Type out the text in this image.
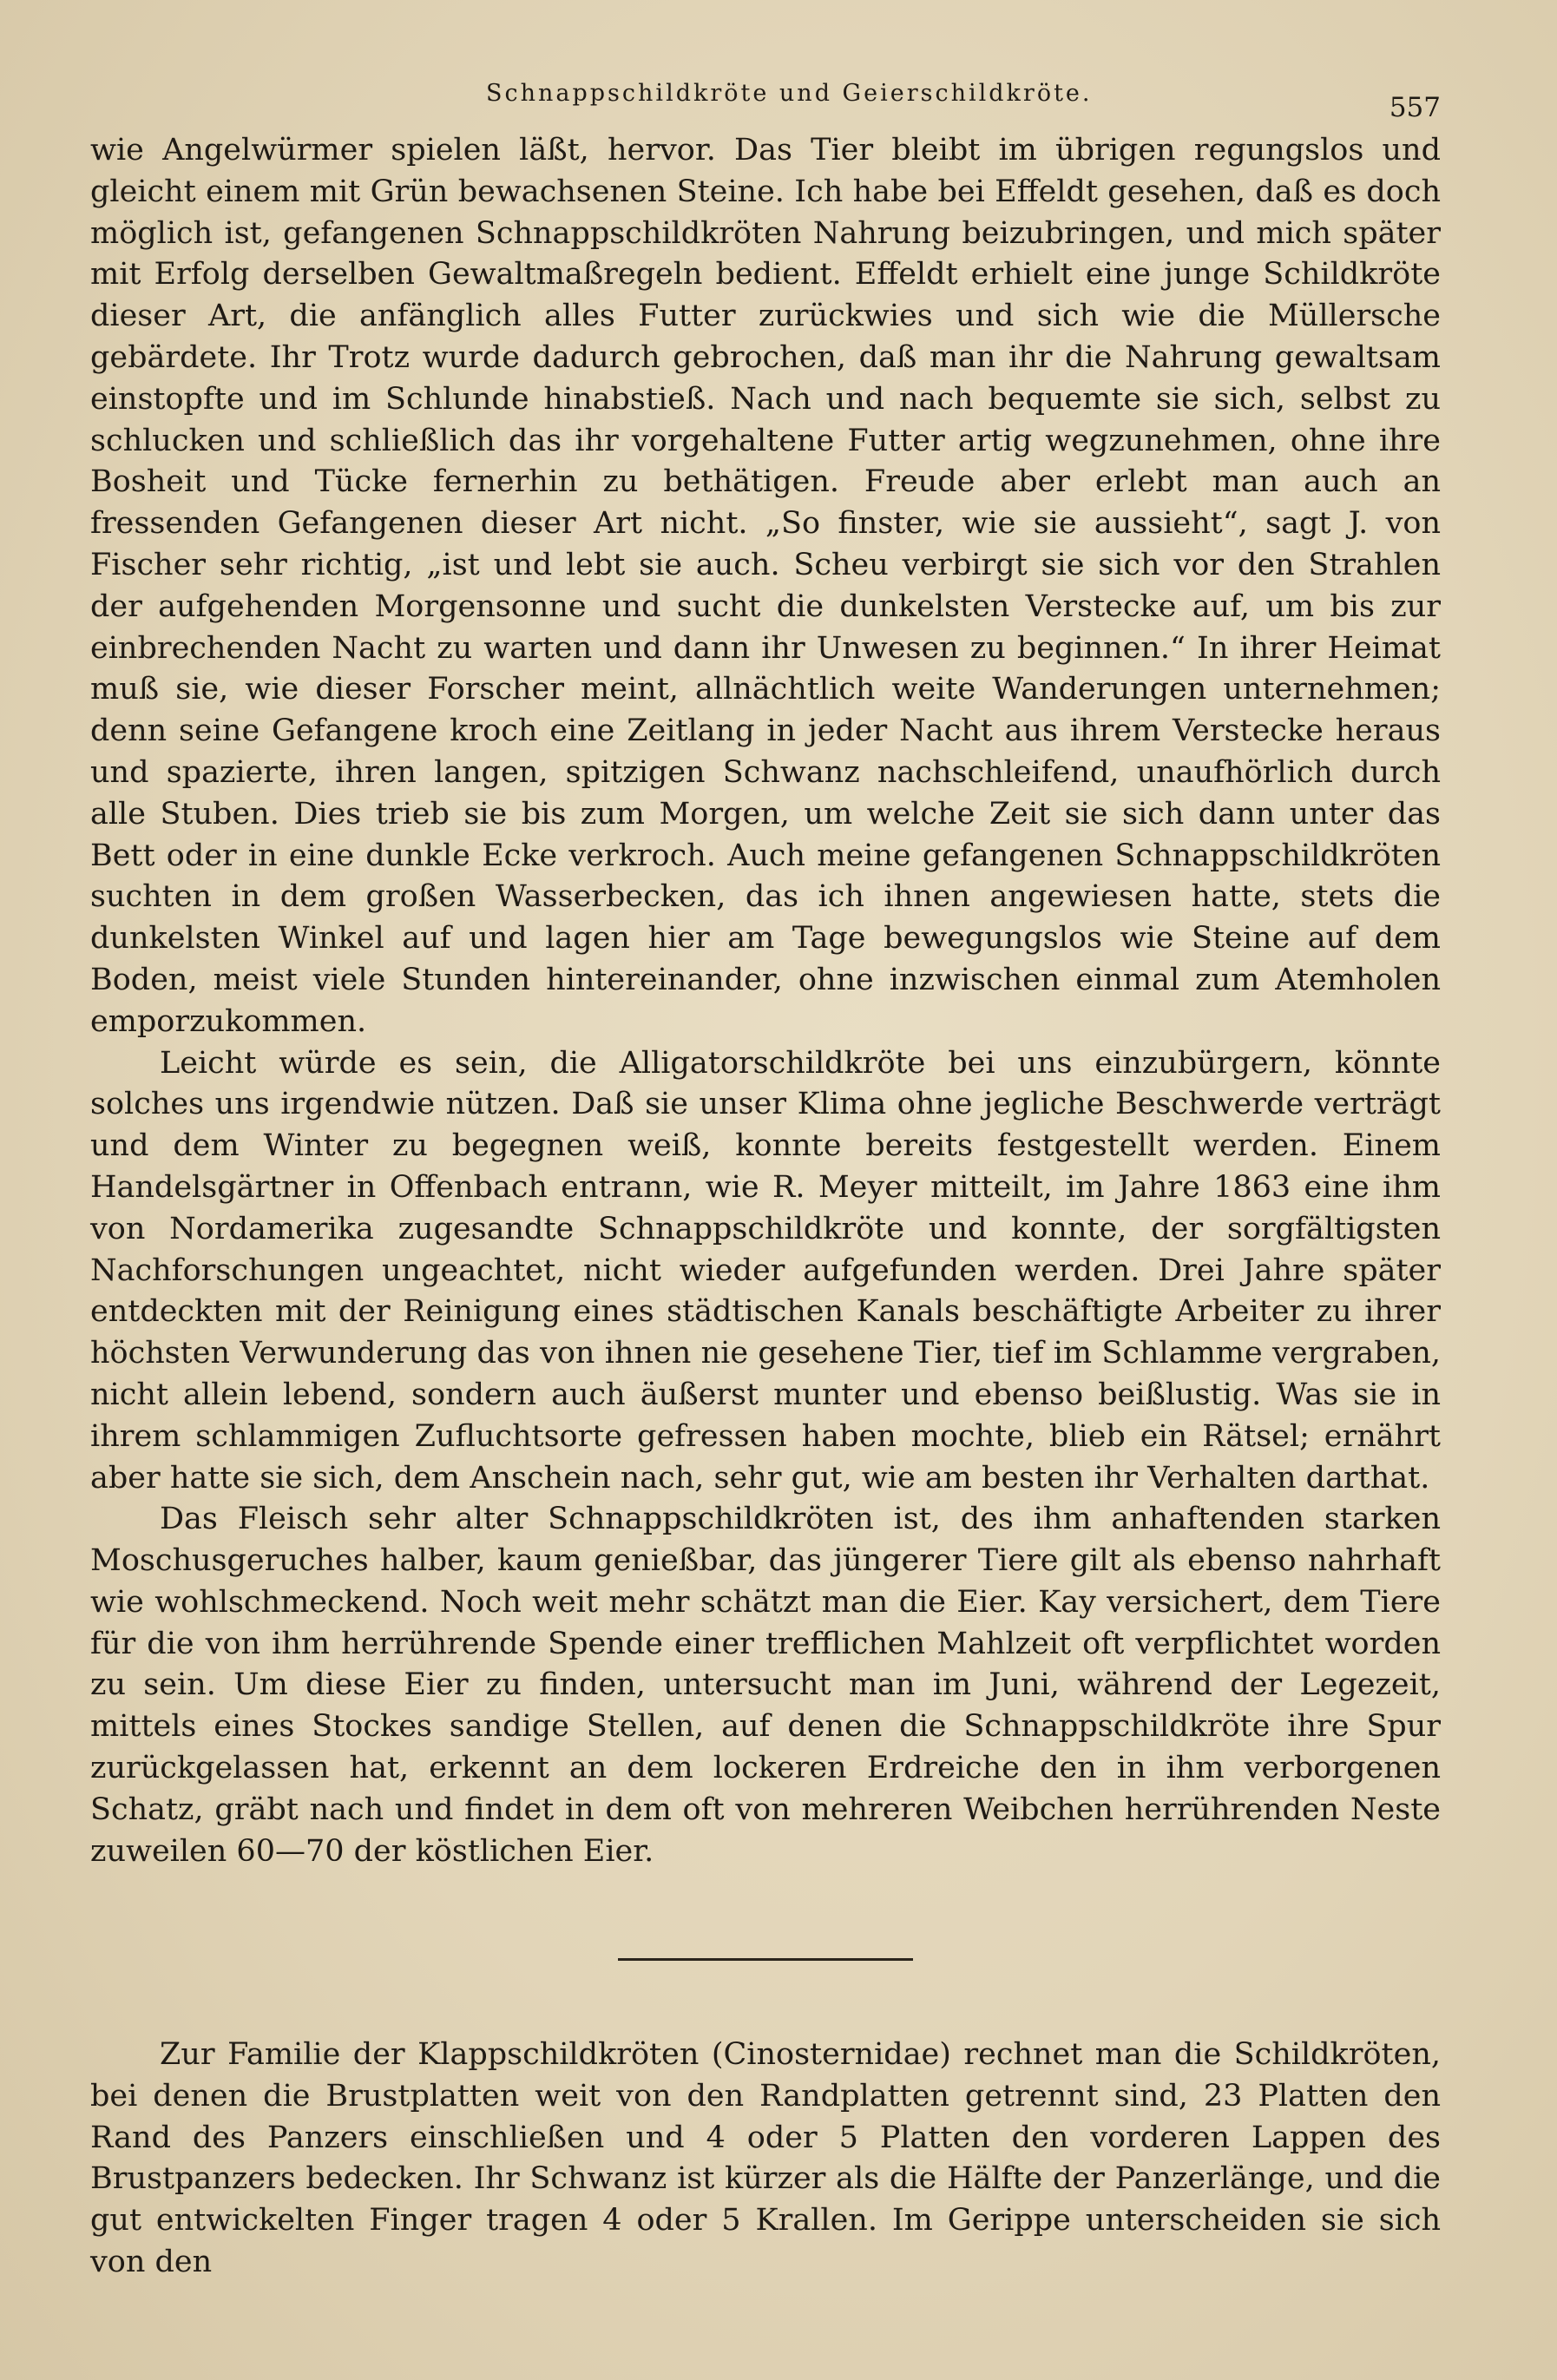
Schnappschildkröte und Geierschildkröte.	557

wie Angelwürmer spielen läßt, hervor. Das Tier bleibt im übrigen regungslos und gleicht einem mit Grün bewachsenen Steine. Ich habe bei Effeldt gesehen, daß es doch möglich ist, gefangenen Schnappschildkröten Nahrung beizubringen, und mich später mit Erfolg derselben Gewaltmaßregeln bedient. Effeldt erhielt eine junge Schildkröte dieser Art, die anfänglich alles Futter zurückwies und sich wie die Müllersche gebärdete. Ihr Trotz wurde dadurch gebrochen, daß man ihr die Nahrung gewaltsam einstopfte und im Schlunde hinabstieß. Nach und nach bequemte sie sich, selbst zu schlucken und schließlich das ihr vorgehaltene Futter artig wegzunehmen, ohne ihre Bosheit und Tücke fernerhin zu bethätigen. Freude aber erlebt man auch an fressenden Gefangenen dieser Art nicht. „So finster, wie sie aussieht“, sagt J. von Fischer sehr richtig, „ist und lebt sie auch. Scheu verbirgt sie sich vor den Strahlen der aufgehenden Morgensonne und sucht die dunkelsten Verstecke auf, um bis zur einbrechenden Nacht zu warten und dann ihr Unwesen zu beginnen.“ In ihrer Heimat muß sie, wie dieser Forscher meint, allnächtlich weite Wanderungen unternehmen; denn seine Gefangene kroch eine Zeitlang in jeder Nacht aus ihrem Verstecke heraus und spazierte, ihren langen, spitzigen Schwanz nachschleifend, unaufhörlich durch alle Stuben. Dies trieb sie bis zum Morgen, um welche Zeit sie sich dann unter das Bett oder in eine dunkle Ecke verkroch. Auch meine gefangenen Schnappschildkröten suchten in dem großen Wasserbecken, das ich ihnen angewiesen hatte, stets die dunkelsten Winkel auf und lagen hier am Tage bewegungslos wie Steine auf dem Boden, meist viele Stunden hintereinander, ohne inzwischen einmal zum Atemholen emporzukommen.

Leicht würde es sein, die Alligatorschildkröte bei uns einzubürgern, könnte solches uns irgendwie nützen. Daß sie unser Klima ohne jegliche Beschwerde verträgt und dem Winter zu begegnen weiß, konnte bereits festgestellt werden. Einem Handelsgärtner in Offenbach entrann, wie R. Meyer mitteilt, im Jahre 1863 eine ihm von Nordamerika zugesandte Schnappschildkröte und konnte, der sorgfältigsten Nachforschungen ungeachtet, nicht wieder aufgefunden werden. Drei Jahre später entdeckten mit der Reinigung eines städtischen Kanals beschäftigte Arbeiter zu ihrer höchsten Verwunderung das von ihnen nie gesehene Tier, tief im Schlamme vergraben, nicht allein lebend, sondern auch äußerst munter und ebenso beißlustig. Was sie in ihrem schlammigen Zufluchtsorte gefressen haben mochte, blieb ein Rätsel; ernährt aber hatte sie sich, dem Anschein nach, sehr gut, wie am besten ihr Verhalten darthat.

Das Fleisch sehr alter Schnappschildkröten ist, des ihm anhaftenden starken Moschusgeruches halber, kaum genießbar, das jüngerer Tiere gilt als ebenso nahrhaft wie wohlschmeckend. Noch weit mehr schätzt man die Eier. Kay versichert, dem Tiere für die von ihm herrührende Spende einer trefflichen Mahlzeit oft verpflichtet worden zu sein. Um diese Eier zu finden, untersucht man im Juni, während der Legezeit, mittels eines Stockes sandige Stellen, auf denen die Schnappschildkröte ihre Spur zurückgelassen hat, erkennt an dem lockeren Erdreiche den in ihm verborgenen Schatz, gräbt nach und findet in dem oft von mehreren Weibchen herrührenden Neste zuweilen 60—70 der köstlichen Eier.

Zur Familie der Klappschildkröten (Cinosternidae) rechnet man die Schildkröten, bei denen die Brustplatten weit von den Randplatten getrennt sind, 23 Platten den Rand des Panzers einschließen und 4 oder 5 Platten den vorderen Lappen des Brustpanzers bedecken. Ihr Schwanz ist kürzer als die Hälfte der Panzerlänge, und die gut entwickelten Finger tragen 4 oder 5 Krallen. Im Gerippe unterscheiden sie sich von den
